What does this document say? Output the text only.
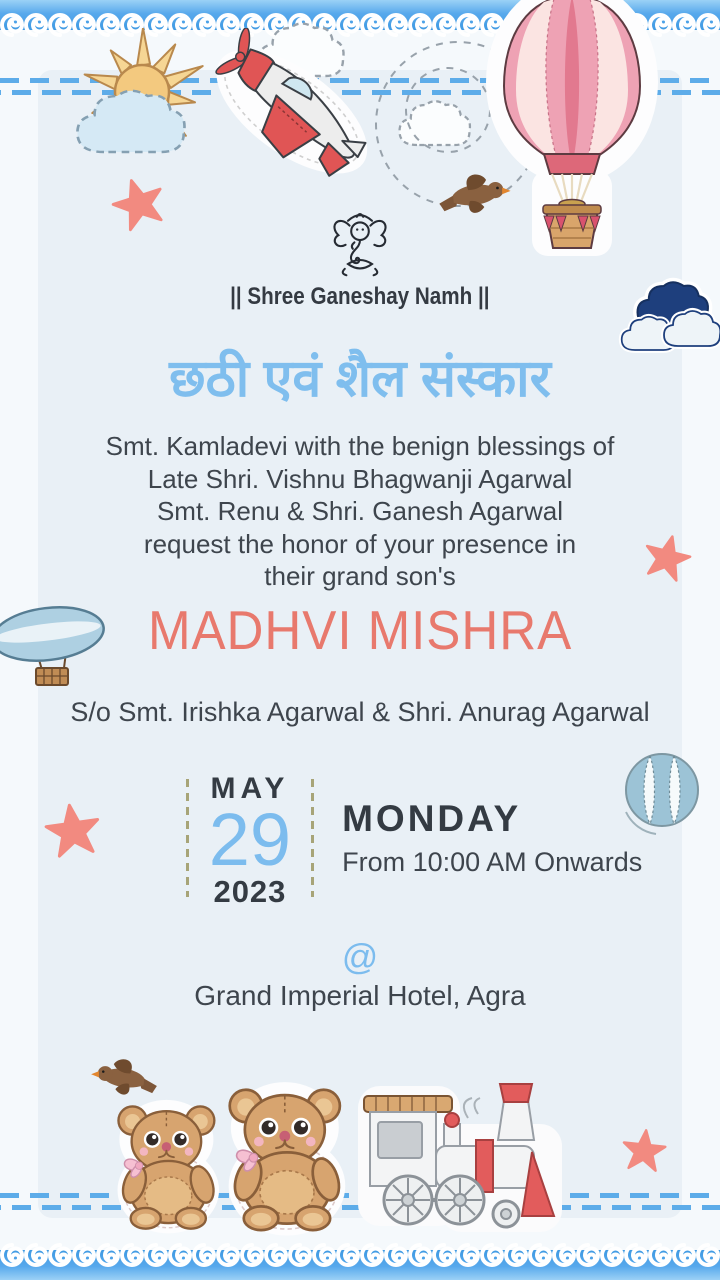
|| Shree Ganeshay Namh ||
छठी एवं शैल संस्कार
Smt. Kamladevi with the benign blessings of
Late Shri. Vishnu Bhagwanji Agarwal
Smt. Renu & Shri. Ganesh Agarwal
request the honor of your presence in
their grand son's
MADHVI MISHRA
S/o Smt. Irishka Agarwal & Shri. Anurag Agarwal
MAY
29
2023
MONDAY
From 10:00 AM Onwards
@
Grand Imperial Hotel, Agra
